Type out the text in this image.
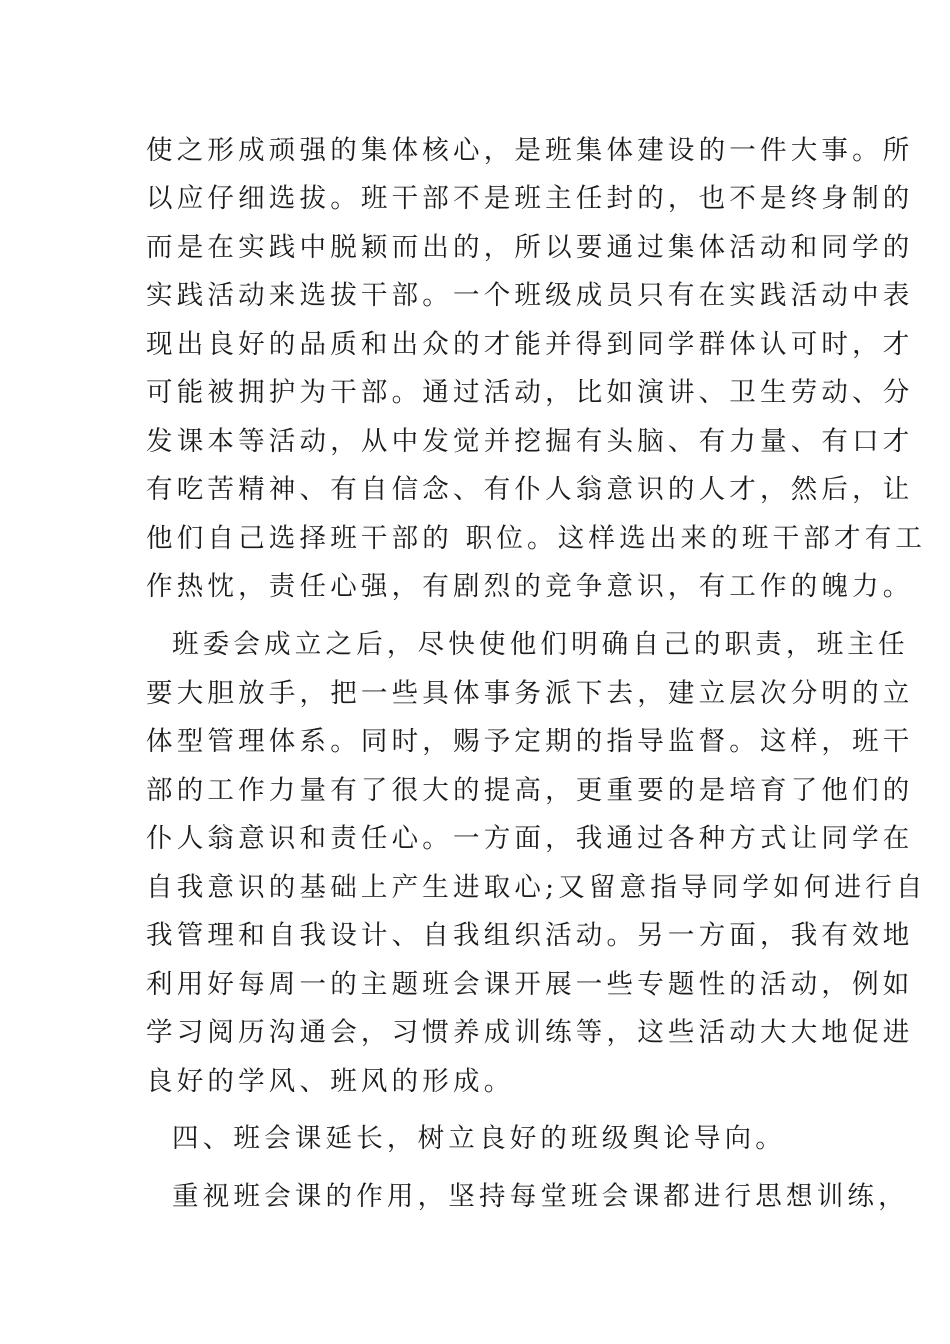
使之形成顽强的集体核心，是班集体建设的一件大事。所
以应仔细选拔。班干部不是班主任封的，也不是终身制的
而是在实践中脱颖而出的，所以要通过集体活动和同学的
实践活动来选拔干部。一个班级成员只有在实践活动中表
现出良好的品质和出众的才能并得到同学群体认可时，才
可能被拥护为干部。通过活动，比如演讲、卫生劳动、分
发课本等活动，从中发觉并挖掘有头脑、有力量、有口才
有吃苦精神、有自信念、有仆人翁意识的人才，然后，让
他们自己选择班干部的 职位。这样选出来的班干部才有工
作热忱，责任心强，有剧烈的竞争意识，有工作的魄力。
班委会成立之后，尽快使他们明确自己的职责，班主任
要大胆放手，把一些具体事务派下去，建立层次分明的立
体型管理体系。同时，赐予定期的指导监督。这样，班干
部的工作力量有了很大的提高，更重要的是培育了他们的
仆人翁意识和责任心。一方面，我通过各种方式让同学在
自我意识的基础上产生进取心;又留意指导同学如何进行自
我管理和自我设计、自我组织活动。另一方面，我有效地
利用好每周一的主题班会课开展一些专题性的活动，例如
学习阅历沟通会，习惯养成训练等，这些活动大大地促进
良好的学风、班风的形成。
四、班会课延长，树立良好的班级舆论导向。
重视班会课的作用，坚持每堂班会课都进行思想训练，
